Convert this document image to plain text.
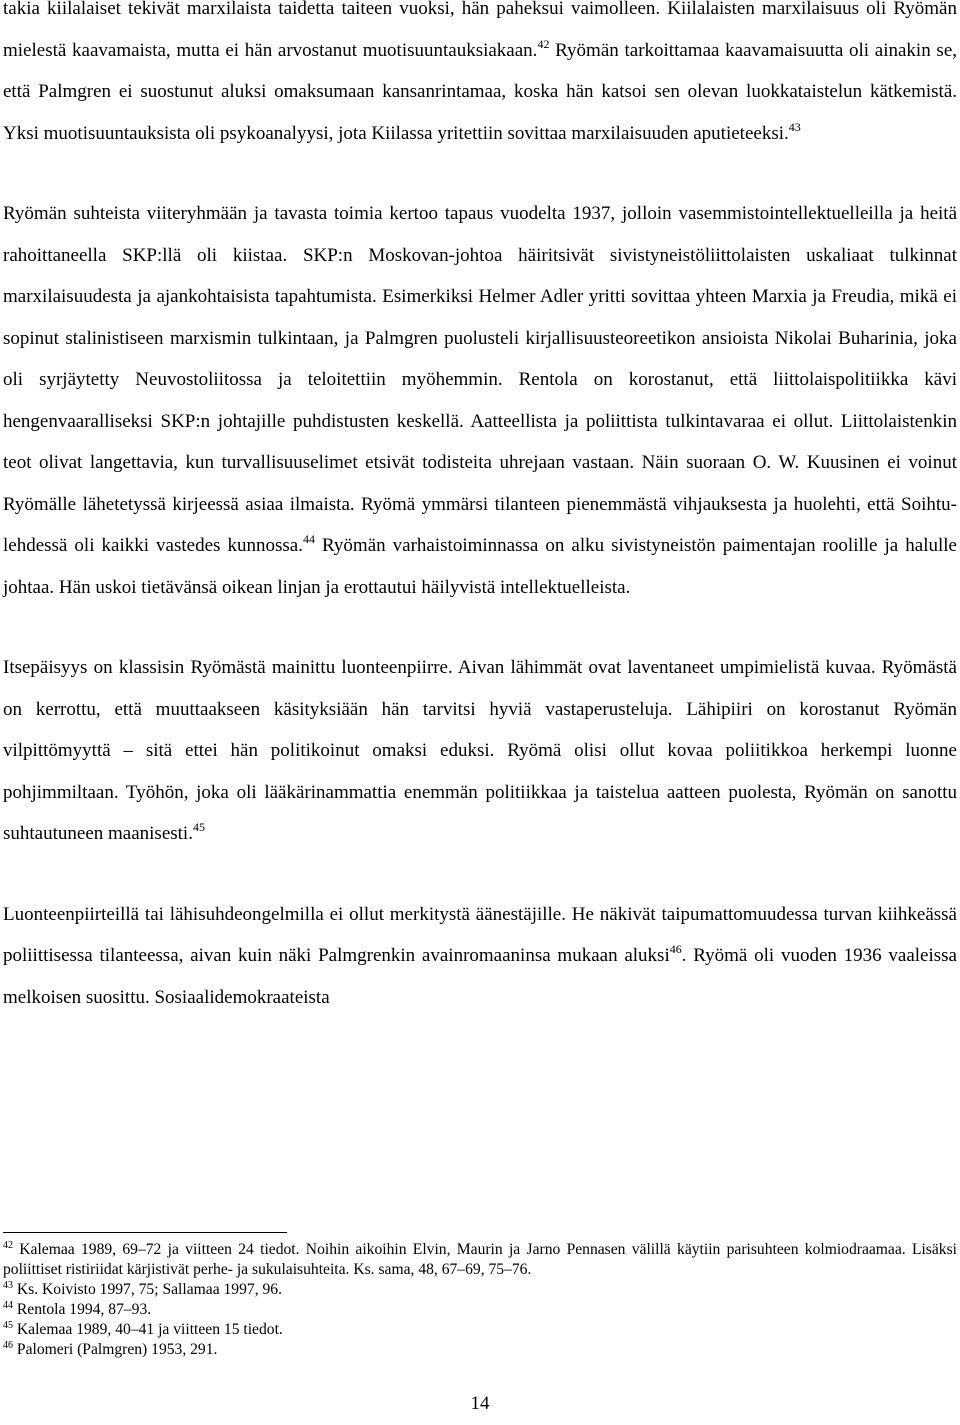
takia kiilalaiset tekivät marxilaista taidetta taiteen vuoksi, hän paheksui vaimolleen. Kiilalaisten marxilaisuus oli Ryömän mielestä kaavamaista, mutta ei hän arvostanut muotisuuntauksiakaan.$^{42}$ Ryömän tarkoittamaa kaavamaisuutta oli ainakin se, että Palmgren ei suostunut aluksi omaksumaan kansanrintamaa, koska hän katsoi sen olevan luokkataistelun kätkemistä. Yksi muotisuuntauksista oli psykoanalyysi, jota Kiilassa yritettiin sovittaa marxilaisuuden aputieteeksi.$^{43}$

Ryömän suhteista viiteryhmään ja tavasta toimia kertoo tapaus vuodelta 1937, jolloin vasemmistointellektuelleilla ja heitä rahoittaneella SKP:llä oli kiistaa. SKP:n Moskovan-johtoa häiritsivät sivistyneistöliittolaisten uskaliaat tulkinnat marxilaisuudesta ja ajankohtaisista tapahtumista. Esimerkiksi Helmer Adler yritti sovittaa yhteen Marxia ja Freudia, mikä ei sopinut stalinistiseen marxismin tulkintaan, ja Palmgren puolusteli kirjallisuusteoreetikon ansioista Nikolai Buharinia, joka oli syrjäytetty Neuvostoliitossa ja teloitettiin myöhemmin. Rentola on korostanut, että liittolaispolitiikka kävi hengenvaaralliseksi SKP:n johtajille puhdistusten keskellä. Aatteellista ja poliittista tulkintavaraa ei ollut. Liittolaistenkin teot olivat langettavia, kun turvallisuuselimet etsivät todisteita uhrejaan vastaan. Näin suoraan O. W. Kuusinen ei voinut Ryömälle lähetetyssä kirjeessä asiaa ilmaista. Ryömä ymmärsi tilanteen pienemmästä vihjauksesta ja huolehti, että Soihtu-lehdessä oli kaikki vastedes kunnossa.$^{44}$ Ryömän varhaistoiminnassa on alku sivistyneistön paimentajan roolille ja halulle johtaa. Hän uskoi tietävänsä oikean linjan ja erottautui häilyvistä intellektuelleista.

Itsepäisyys on klassisin Ryömästä mainittu luonteenpiirre. Aivan lähimmät ovat laventaneet umpimielistä kuvaa. Ryömästä on kerrottu, että muuttaakseen käsityksiään hän tarvitsi hyviä vastaperusteluja. Lähipiiri on korostanut Ryömän vilpittömyyttä – sitä ettei hän politikoinut omaksi eduksi. Ryömä olisi ollut kovaa poliitikkoa herkempi luonne pohjimmiltaan. Työhön, joka oli lääkärinammattia enemmän politiikkaa ja taistelua aatteen puolesta, Ryömän on sanottu suhtautuneen maanisesti.$^{45}$

Luonteenpiirteillä tai lähisuhdeongelmilla ei ollut merkitystä äänestäjille. He näkivät taipumattomuudessa turvan kiihkeässä poliittisessa tilanteessa, aivan kuin näki Palmgrenkin avainromaaninsa mukaan aluksi$^{46}$. Ryömä oli vuoden 1936 vaaleissa melkoisen suosittu. Sosiaalidemokraateista

$^{42}$ Kalemaa 1989, 69–72 ja viitteen 24 tiedot. Noihin aikoihin Elvin, Maurin ja Jarno Pennasen välillä käytiin parisuhteen kolmiodraamaa. Lisäksi poliittiset ristiriidat kärjistivät perhe- ja sukulaisuhteita. Ks. sama, 48, 67–69, 75–76.

$^{43}$ Ks. Koivisto 1997, 75; Sallamaa 1997, 96.

$^{44}$ Rentola 1994, 87–93.

$^{45}$ Kalemaa 1989, 40–41 ja viitteen 15 tiedot.

$^{46}$ Palomeri (Palmgren) 1953, 291.

14
